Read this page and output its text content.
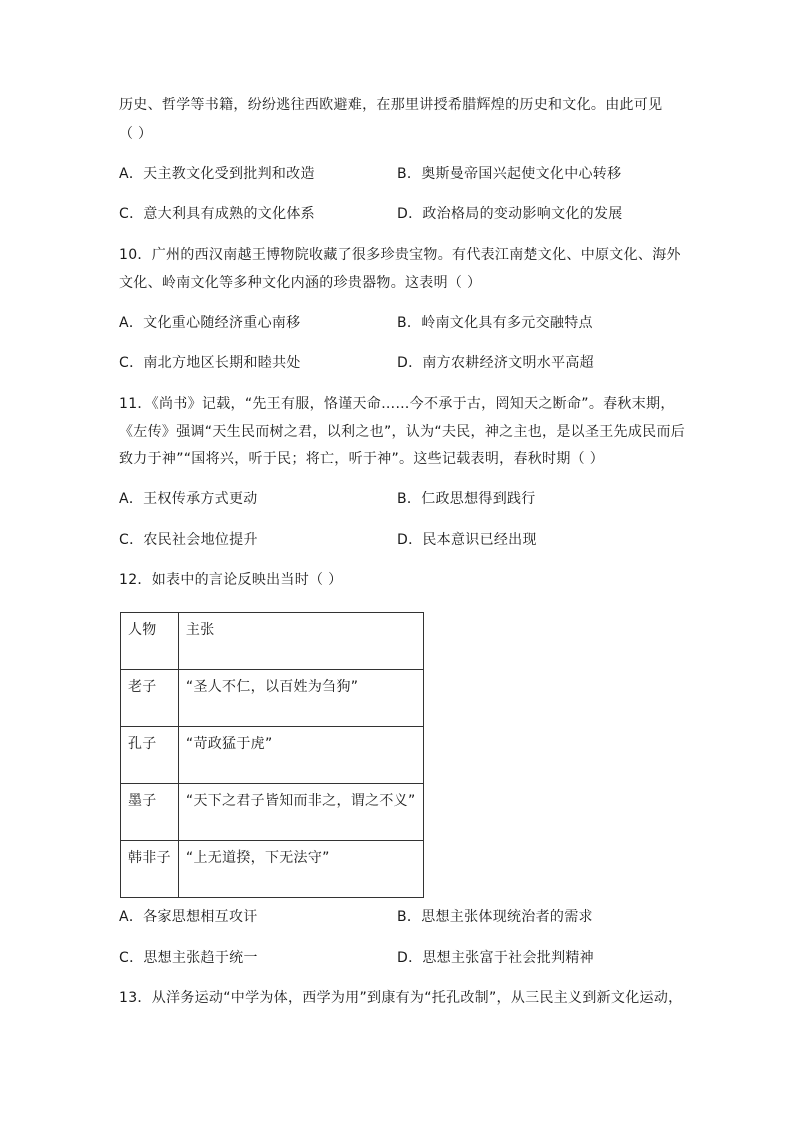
历史、哲学等书籍，纷纷逃往西欧避难，在那里讲授希腊辉煌的历史和文化。由此可见
（ ）
A．天主教文化受到批判和改造	B．奥斯曼帝国兴起使文化中心转移
C．意大利具有成熟的文化体系	D．政治格局的变动影响文化的发展
10．广州的西汉南越王博物院收藏了很多珍贵宝物。有代表江南楚文化、中原文化、海外
文化、岭南文化等多种文化内涵的珍贵器物。这表明（ ）
A．文化重心随经济重心南移	B．岭南文化具有多元交融特点
C．南北方地区长期和睦共处	D．南方农耕经济文明水平高超
11．《尚书》记载，“先王有服，恪谨天命……今不承于古，罔知天之断命”。春秋末期，
《左传》强调“天生民而树之君，以利之也”，认为“夫民，神之主也，是以圣王先成民而后
致力于神”“国将兴，听于民；将亡，听于神”。这些记载表明，春秋时期（ ）
A．王权传承方式更动	B．仁政思想得到践行
C．农民社会地位提升	D．民本意识已经出现
12．如表中的言论反映出当时（ ）
人物	主张
老子	“圣人不仁，以百姓为刍狗”
孔子	“苛政猛于虎”
墨子	“天下之君子皆知而非之，谓之不义”
韩非子	“上无道揆，下无法守”
A．各家思想相互攻讦	B．思想主张体现统治者的需求
C．思想主张趋于统一	D．思想主张富于社会批判精神
13．从洋务运动“中学为体，西学为用”到康有为“托孔改制”，从三民主义到新文化运动，
